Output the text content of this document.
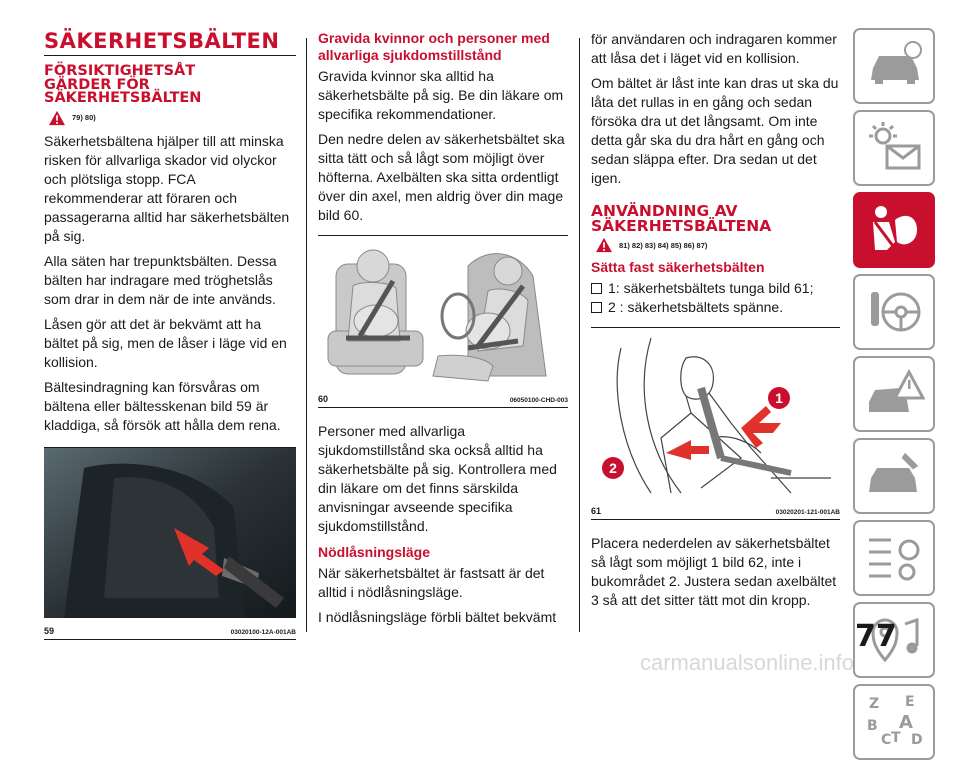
SÄKERHETSBÄLTEN
FÖRSIKTIGHETSÅT
GÄRDER FÖR
SÄKERHETSBÄLTEN
79) 80)

Säkerhetsbältena hjälper till att minska risken för allvarliga skador vid olyckor och plötsliga stopp. FCA rekommenderar att föraren och passagerarna alltid har säkerhetsbälten på sig.

Alla säten har trepunktsbälten. Dessa bälten har indragare med tröghetslås som drar in dem när de inte används.

Låsen gör att det är bekvämt att ha bältet på sig, men de låser i läge vid en kollision.

Bältesindragning kan försvåras om bältena eller bältesskenan bild 59 är kladdiga, så försök att hålla dem rena.

59	03020100-12A-001AB
Gravida kvinnor och personer med allvarliga sjukdomstillstånd

Gravida kvinnor ska alltid ha säkerhetsbälte på sig. Be din läkare om specifika rekommendationer.

Den nedre delen av säkerhetsbältet ska sitta tätt och så lågt som möjligt över höfterna. Axelbälten ska sitta ordentligt över din axel, men aldrig över din mage bild 60.

60	06050100-CHD-003

Personer med allvarliga sjukdomstillstånd ska också alltid ha säkerhetsbälte på sig. Kontrollera med din läkare om det finns särskilda anvisningar avseende specifika sjukdomstillstånd.

Nödlåsningsläge

När säkerhetsbältet är fastsatt är det alltid i nödlåsningsläge.

I nödlåsningsläge förbli bältet bekvämt

för användaren och indragaren kommer att låsa det i läget vid en kollision.

Om bältet är låst inte kan dras ut ska du låta det rullas in en gång och sedan försöka dra ut det långsamt. Om inte detta går ska du dra hårt en gång och sedan släppa efter. Dra sedan ut det igen.

ANVÄNDNING AV
SÄKERHETSBÄLTENA
81) 82) 83) 84) 85) 86) 87)
Sätta fast säkerhetsbälten
1: säkerhetsbältets tunga bild 61;
2 : säkerhetsbältets spänne.
1
2
61	03020201-121-001AB

Placera nederdelen av säkerhetsbältet så lågt som möjligt 1 bild 62, inte i bukområdet 2. Justera sedan axelbältet 3 så att det sitter tätt mot din kropp.

Z E
B A
C T D
77
carmanualsonline.info
